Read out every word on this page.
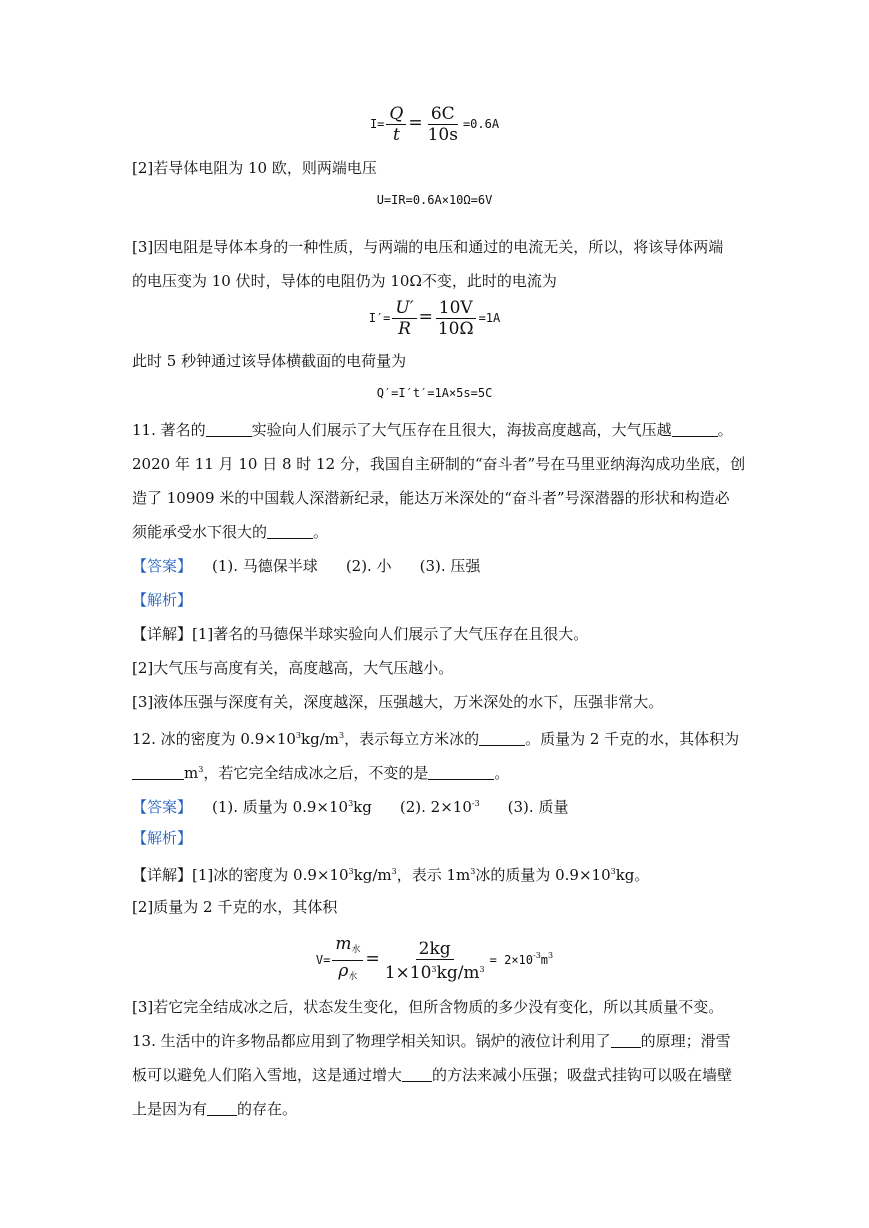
$I= \frac{Q}{t} = \frac{6C}{10s} =0.6A$
[2]若导体电阻为 10 欧，则两端电压
U=IR=0.6A×10Ω=6V
[3]因电阻是导体本身的一种性质，与两端的电压和通过的电流无关，所以，将该导体两端
的电压变为 10 伏时，导体的电阻仍为 10Ω不变，此时的电流为
$I'= \frac{U'}{R} = \frac{10V}{10\Omega} =1A$
此时 5 秒钟通过该导体横截面的电荷量为
Q′=I′t′=1A×5s=5C
11. 著名的	实验向人们展示了大气压存在且很大，海拔高度越高，大气压越	。
2020 年 11 月 10 日 8 时 12 分，我国自主研制的“奋斗者”号在马里亚纳海沟成功坐底，创
造了 10909 米的中国载人深潜新纪录，能达万米深处的“奋斗者”号深潜器的形状和构造必
须能承受水下很大的	。
【答案】 (1). 马德保半球 (2). 小 (3). 压强
【解析】
【详解】[1]著名的马德保半球实验向人们展示了大气压存在且很大。
[2]大气压与高度有关，高度越高，大气压越小。
[3]液体压强与深度有关，深度越深，压强越大，万米深处的水下，压强非常大。
12. 冰的密度为 $0.9\times 10^3kg/m^3$，表示每立方米冰的	。质量为 2 千克的水，其体积为
$m^3$，若它完全结成冰之后，不变的是	。
【答案】 (1). 质量为 $0.9\times 10^3kg$ (2). $2\times 10^{-3}$ (3). 质量
【解析】
【详解】[1]冰的密度为 $0.9\times 10^3kg/m^3$，表示 $1m^3$冰的质量为 $0.9\times 10^3kg$。
[2]质量为 2 千克的水，其体积
$V= \frac{m_水}{\rho_水} = \frac{2kg}{1\times 10^3kg/m^3} = 2\times 10^{-3}m^3$
[3]若它完全结成冰之后，状态发生变化，但所含物质的多少没有变化，所以其质量不变。
13. 生活中的许多物品都应用到了物理学相关知识。锅炉的液位计利用了 的原理；滑雪
板可以避免人们陷入雪地，这是通过增大 的方法来减小压强；吸盘式挂钩可以吸在墙壁
上是因为有 的存在。
